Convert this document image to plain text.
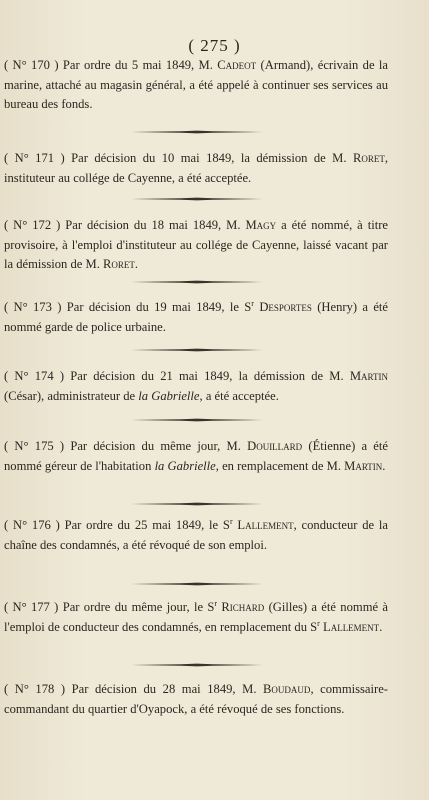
( 275 )

( N° 170 ) Par ordre du 5 mai 1849, M. Cadeot (Armand), écrivain de la marine, attaché au magasin général, a été appelé à continuer ses services au bureau des fonds.

( N° 171 ) Par décision du 10 mai 1849, la démission de M. Roret, instituteur au collége de Cayenne, a été acceptée.

( N° 172 ) Par décision du 18 mai 1849, M. Magy a été nommé, à titre provisoire, à l'emploi d'instituteur au collége de Cayenne, laissé vacant par la démission de M. Roret.

( N° 173 ) Par décision du 19 mai 1849, le $S^r$ Desportes (Henry) a été nommé garde de police urbaine.

( N° 174 ) Par décision du 21 mai 1849, la démission de M. Martin (César), administrateur de la Gabrielle, a été acceptée.

( N° 175 ) Par décision du même jour, M. Douillard (Étienne) a été nommé géreur de l'habitation la Gabrielle, en remplacement de M. Martin.

( N° 176 ) Par ordre du 25 mai 1849, le $S^r$ Lallement, conducteur de la chaîne des condamnés, a été révoqué de son emploi.

( N° 177 ) Par ordre du même jour, le $S^r$ Richard (Gilles) a été nommé à l'emploi de conducteur des condamnés, en remplacement du $S^r$ Lallement.

( N° 178 ) Par décision du 28 mai 1849, M. Boudaud, commissaire-commandant du quartier d'Oyapock, a été révoqué de ses fonctions.
